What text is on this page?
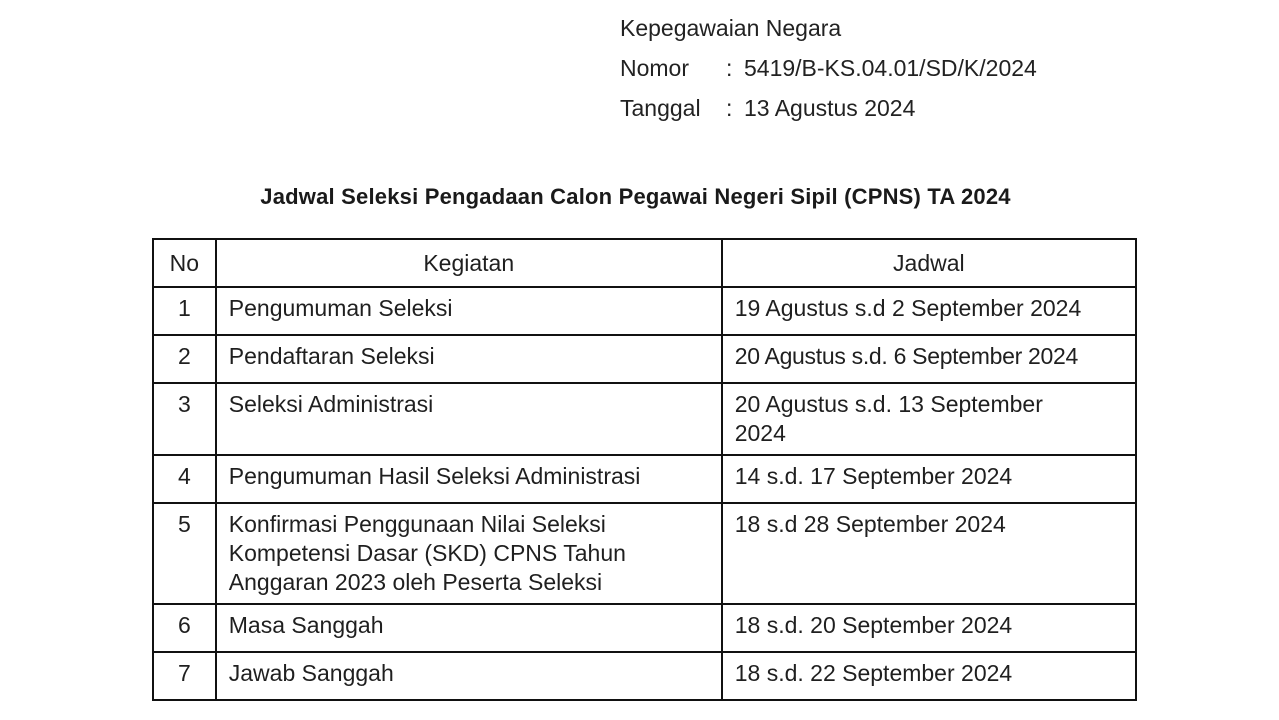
Kepegawaian Negara
Nomor : 5419/B-KS.04.01/SD/K/2024
Tanggal : 13 Agustus 2024
Jadwal Seleksi Pengadaan Calon Pegawai Negeri Sipil (CPNS) TA 2024
No	Kegiatan	Jadwal

1	Pengumuman Seleksi	19 Agustus s.d 2 September 2024

2	Pendaftaran Seleksi	20 Agustus s.d. 6 September 2024

3	Seleksi Administrasi	20 Agustus s.d. 13 September 2024

4	Pengumuman Hasil Seleksi Administrasi	14 s.d. 17 September 2024

5	Konfirmasi Penggunaan Nilai Seleksi Kompetensi Dasar (SKD) CPNS Tahun Anggaran 2023 oleh Peserta Seleksi	18 s.d 28 September 2024

6	Masa Sanggah	18 s.d. 20 September 2024

7	Jawab Sanggah	18 s.d. 22 September 2024
